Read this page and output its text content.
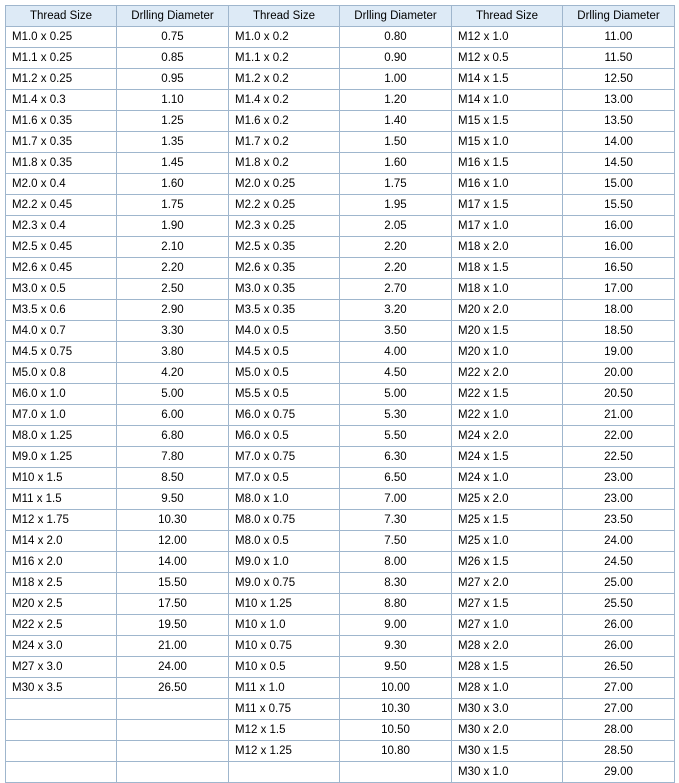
Thread Size	Drlling Diameter	Thread Size	Drlling Diameter	Thread Size	Drlling Diameter
M1.0 x 0.25	0.75	M1.0 x 0.2	0.80	M12 x 1.0	11.00
M1.1 x 0.25	0.85	M1.1 x 0.2	0.90	M12 x 0.5	11.50
M1.2 x 0.25	0.95	M1.2 x 0.2	1.00	M14 x 1.5	12.50
M1.4 x 0.3	1.10	M1.4 x 0.2	1.20	M14 x 1.0	13.00
M1.6 x 0.35	1.25	M1.6 x 0.2	1.40	M15 x 1.5	13.50
M1.7 x 0.35	1.35	M1.7 x 0.2	1.50	M15 x 1.0	14.00
M1.8 x 0.35	1.45	M1.8 x 0.2	1.60	M16 x 1.5	14.50
M2.0 x 0.4	1.60	M2.0 x 0.25	1.75	M16 x 1.0	15.00
M2.2 x 0.45	1.75	M2.2 x 0.25	1.95	M17 x 1.5	15.50
M2.3 x 0.4	1.90	M2.3 x 0.25	2.05	M17 x 1.0	16.00
M2.5 x 0.45	2.10	M2.5 x 0.35	2.20	M18 x 2.0	16.00
M2.6 x 0.45	2.20	M2.6 x 0.35	2.20	M18 x 1.5	16.50
M3.0 x 0.5	2.50	M3.0 x 0.35	2.70	M18 x 1.0	17.00
M3.5 x 0.6	2.90	M3.5 x 0.35	3.20	M20 x 2.0	18.00
M4.0 x 0.7	3.30	M4.0 x 0.5	3.50	M20 x 1.5	18.50
M4.5 x 0.75	3.80	M4.5 x 0.5	4.00	M20 x 1.0	19.00
M5.0 x 0.8	4.20	M5.0 x 0.5	4.50	M22 x 2.0	20.00
M6.0 x 1.0	5.00	M5.5 x 0.5	5.00	M22 x 1.5	20.50
M7.0 x 1.0	6.00	M6.0 x 0.75	5.30	M22 x 1.0	21.00
M8.0 x 1.25	6.80	M6.0 x 0.5	5.50	M24 x 2.0	22.00
M9.0 x 1.25	7.80	M7.0 x 0.75	6.30	M24 x 1.5	22.50
M10 x 1.5	8.50	M7.0 x 0.5	6.50	M24 x 1.0	23.00
M11 x 1.5	9.50	M8.0 x 1.0	7.00	M25 x 2.0	23.00
M12 x 1.75	10.30	M8.0 x 0.75	7.30	M25 x 1.5	23.50
M14 x 2.0	12.00	M8.0 x 0.5	7.50	M25 x 1.0	24.00
M16 x 2.0	14.00	M9.0 x 1.0	8.00	M26 x 1.5	24.50
M18 x 2.5	15.50	M9.0 x 0.75	8.30	M27 x 2.0	25.00
M20 x 2.5	17.50	M10 x 1.25	8.80	M27 x 1.5	25.50
M22 x 2.5	19.50	M10 x 1.0	9.00	M27 x 1.0	26.00
M24 x 3.0	21.00	M10 x 0.75	9.30	M28 x 2.0	26.00
M27 x 3.0	24.00	M10 x 0.5	9.50	M28 x 1.5	26.50
M30 x 3.5	26.50	M11 x 1.0	10.00	M28 x 1.0	27.00
		M11 x 0.75	10.30	M30 x 3.0	27.00
		M12 x 1.5	10.50	M30 x 2.0	28.00
		M12 x 1.25	10.80	M30 x 1.5	28.50
				M30 x 1.0	29.00
